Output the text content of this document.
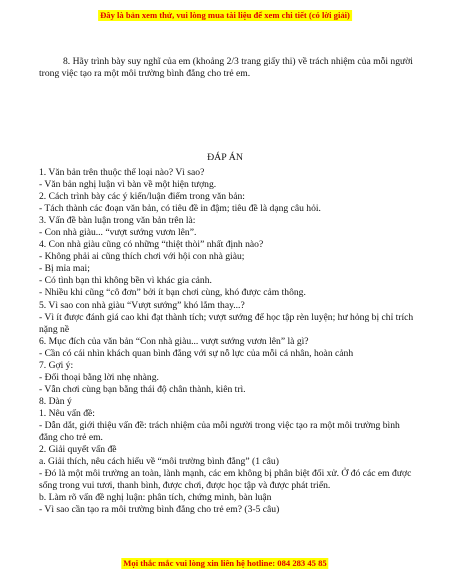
Đây là bản xem thử, vui lòng mua tài liệu để xem chi tiết (có lời giải)

8. Hãy trình bày suy nghĩ của em (khoảng 2/3 trang giấy thi) về trách nhiệm của mỗi người trong việc tạo ra một môi trường bình đẳng cho trẻ em.

ĐÁP ÁN

1. Văn bản trên thuộc thể loại nào? Vì sao?

- Văn bản nghị luận vì bàn về một hiện tượng.

2. Cách trình bày các ý kiến/luận điểm trong văn bản:

- Tách thành các đoạn văn bản, có tiêu đề in đậm; tiêu đề là dạng câu hỏi.

3. Vấn đề bàn luận trong văn bản trên là:

- Con nhà giàu... “vượt sướng vươn lên”.

4. Con nhà giàu cũng có những “thiệt thòi” nhất định nào?

- Không phải ai cũng thích chơi với hội con nhà giàu;

- Bị mỉa mai;

- Có tình bạn thì không bền vì khác gia cảnh.

- Nhiều khi cũng “cô đơn” bởi ít bạn chơi cùng, khó được cảm thông.

5. Vì sao con nhà giàu “Vượt sướng” khó lắm thay...?

- Vì ít được đánh giá cao khi đạt thành tích; vượt sướng để học tập rèn luyện; hư hỏng bị chỉ trích nặng nề

6. Mục đích của văn bản “Con nhà giàu... vượt sướng vươn lên” là gì?

- Cần có cái nhìn khách quan bình đẳng với sự nỗ lực của mỗi cá nhân, hoàn cảnh

7. Gợi ý:

- Đối thoại bằng lời nhẹ nhàng.

- Vẫn chơi cùng bạn bằng thái độ chân thành, kiên trì.

8. Dàn ý

1. Nêu vấn đề:

- Dẫn dắt, giới thiệu vấn đề: trách nhiệm của mỗi người trong việc tạo ra một môi trường bình đẳng cho trẻ em.

2. Giải quyết vấn đề

a. Giải thích, nêu cách hiểu về “môi trường bình đẳng” (1 câu)

- Đó là một môi trường an toàn, lành mạnh, các em không bị phân biệt đối xử. Ở đó các em được sống trong vui tươi, thanh bình, được chơi, được học tập và được phát triển.

b. Làm rõ vấn đề nghị luận: phân tích, chứng minh, bàn luận

- Vì sao cần tạo ra môi trường bình đẳng cho trẻ em? (3-5 câu)

Mọi thắc mắc vui lòng xin liên hệ hotline: 084 283 45 85
